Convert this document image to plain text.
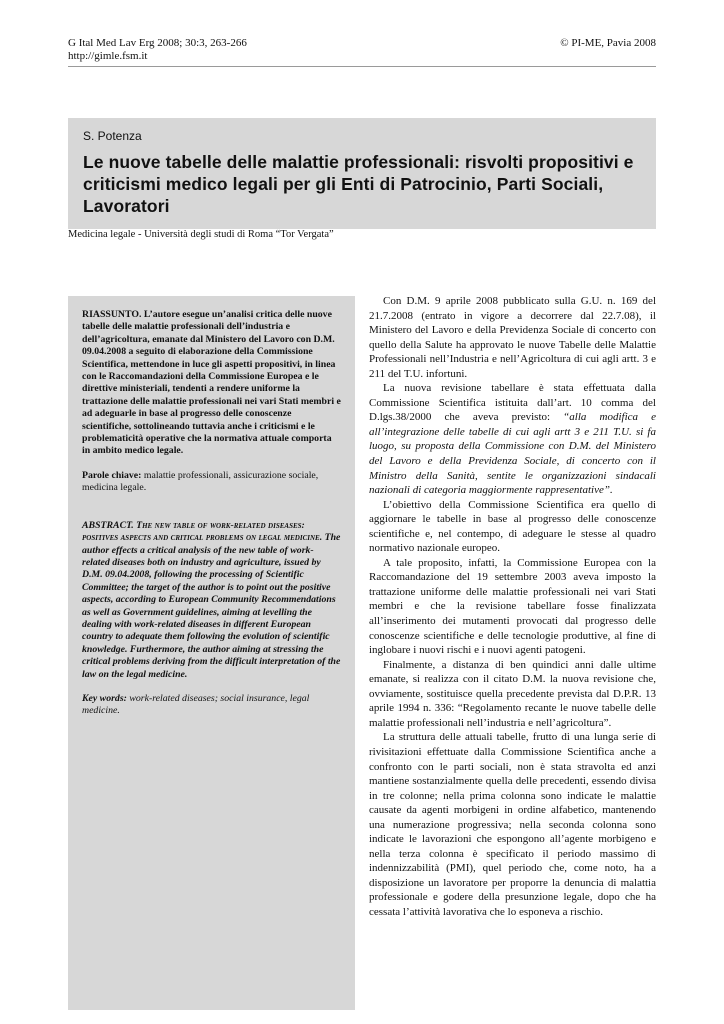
G Ital Med Lav Erg 2008; 30:3, 263-266
http://gimle.fsm.it
© PI-ME, Pavia 2008
S. Potenza
Le nuove tabelle delle malattie professionali: risvolti propositivi e criticismi medico legali per gli Enti di Patrocinio, Parti Sociali, Lavoratori
Medicina legale - Università degli studi di Roma “Tor Vergata”

RIASSUNTO. L’autore esegue un’analisi critica delle nuove tabelle delle malattie professionali dell’industria e dell’agricoltura, emanate dal Ministero del Lavoro con D.M. 09.04.2008 a seguito di elaborazione della Commissione Scientifica, mettendone in luce gli aspetti propositivi, in linea con le Raccomandazioni della Commissione Europea e le direttive ministeriali, tendenti a rendere uniforme la trattazione delle malattie professionali nei vari Stati membri e ad adeguarle in base al progresso delle conoscenze scientifiche, sottolineando tuttavia anche i criticismi e le problematicità operative che la normativa attuale comporta in ambito medico legale.

Parole chiave: malattie professionali, assicurazione sociale, medicina legale.

ABSTRACT. The new table of work-related diseases: positives aspects and critical problems on legal medicine. The author effects a critical analysis of the new table of work-related diseases both on industry and agriculture, issued by D.M. 09.04.2008, following the processing of Scientific Committee; the target of the author is to point out the positive aspects, according to European Community Recommendations as well as Government guidelines, aiming at levelling the dealing with work-related diseases in different European country to adequate them following the evolution of scientific knowledge. Furthermore, the author aiming at stressing the critical problems deriving from the difficult interpretation of the law on the legal medicine.

Key words: work-related diseases; social insurance, legal medicine.

Con D.M. 9 aprile 2008 pubblicato sulla G.U. n. 169 del 21.7.2008 (entrato in vigore a decorrere dal 22.7.08), il Ministero del Lavoro e della Previdenza Sociale di concerto con quello della Salute ha approvato le nuove Tabelle delle Malattie Professionali nell’Industria e nell’Agricoltura di cui agli artt. 3 e 211 del T.U. infortuni.

La nuova revisione tabellare è stata effettuata dalla Commissione Scientifica istituita dall’art. 10 comma del D.lgs.38/2000 che aveva previsto: “alla modifica e all’integrazione delle tabelle di cui agli artt 3 e 211 T.U. si fa luogo, su proposta della Commissione con D.M. del Ministero del Lavoro e della Previdenza Sociale, di concerto con il Ministro della Sanità, sentite le organizzazioni sindacali nazionali di categoria maggiormente rappresentative”.

L’obiettivo della Commissione Scientifica era quello di aggiornare le tabelle in base al progresso delle conoscenze scientifiche e, nel contempo, di adeguare le stesse al quadro normativo nazionale europeo.

A tale proposito, infatti, la Commissione Europea con la Raccomandazione del 19 settembre 2003 aveva imposto la trattazione uniforme delle malattie professionali nei vari Stati membri e che la revisione tabellare fosse finalizzata all’inserimento dei mutamenti provocati dal progresso delle conoscenze scientifiche e delle tecnologie produttive, al fine di inglobare i nuovi rischi e i nuovi agenti patogeni.

Finalmente, a distanza di ben quindici anni dalle ultime emanate, si realizza con il citato D.M. la nuova revisione che, ovviamente, sostituisce quella precedente prevista dal D.P.R. 13 aprile 1994 n. 336: “Regolamento recante le nuove tabelle delle malattie professionali nell’industria e nell’agricoltura”.

La struttura delle attuali tabelle, frutto di una lunga serie di rivisitazioni effettuate dalla Commissione Scientifica anche a confronto con le parti sociali, non è stata stravolta ed anzi mantiene sostanzialmente quella delle precedenti, essendo divisa in tre colonne; nella prima colonna sono indicate le malattie causate da agenti morbigeni in ordine alfabetico, mantenendo una numerazione progressiva; nella seconda colonna sono indicate le lavorazioni che espongono all’agente morbigeno e nella terza colonna è specificato il periodo massimo di indennizzabilità (PMI), quel periodo che, come noto, ha a disposizione un lavoratore per proporre la denuncia di malattia professionale e godere della presunzione legale, dopo che ha cessata l’attività lavorativa che lo esponeva a rischio.
